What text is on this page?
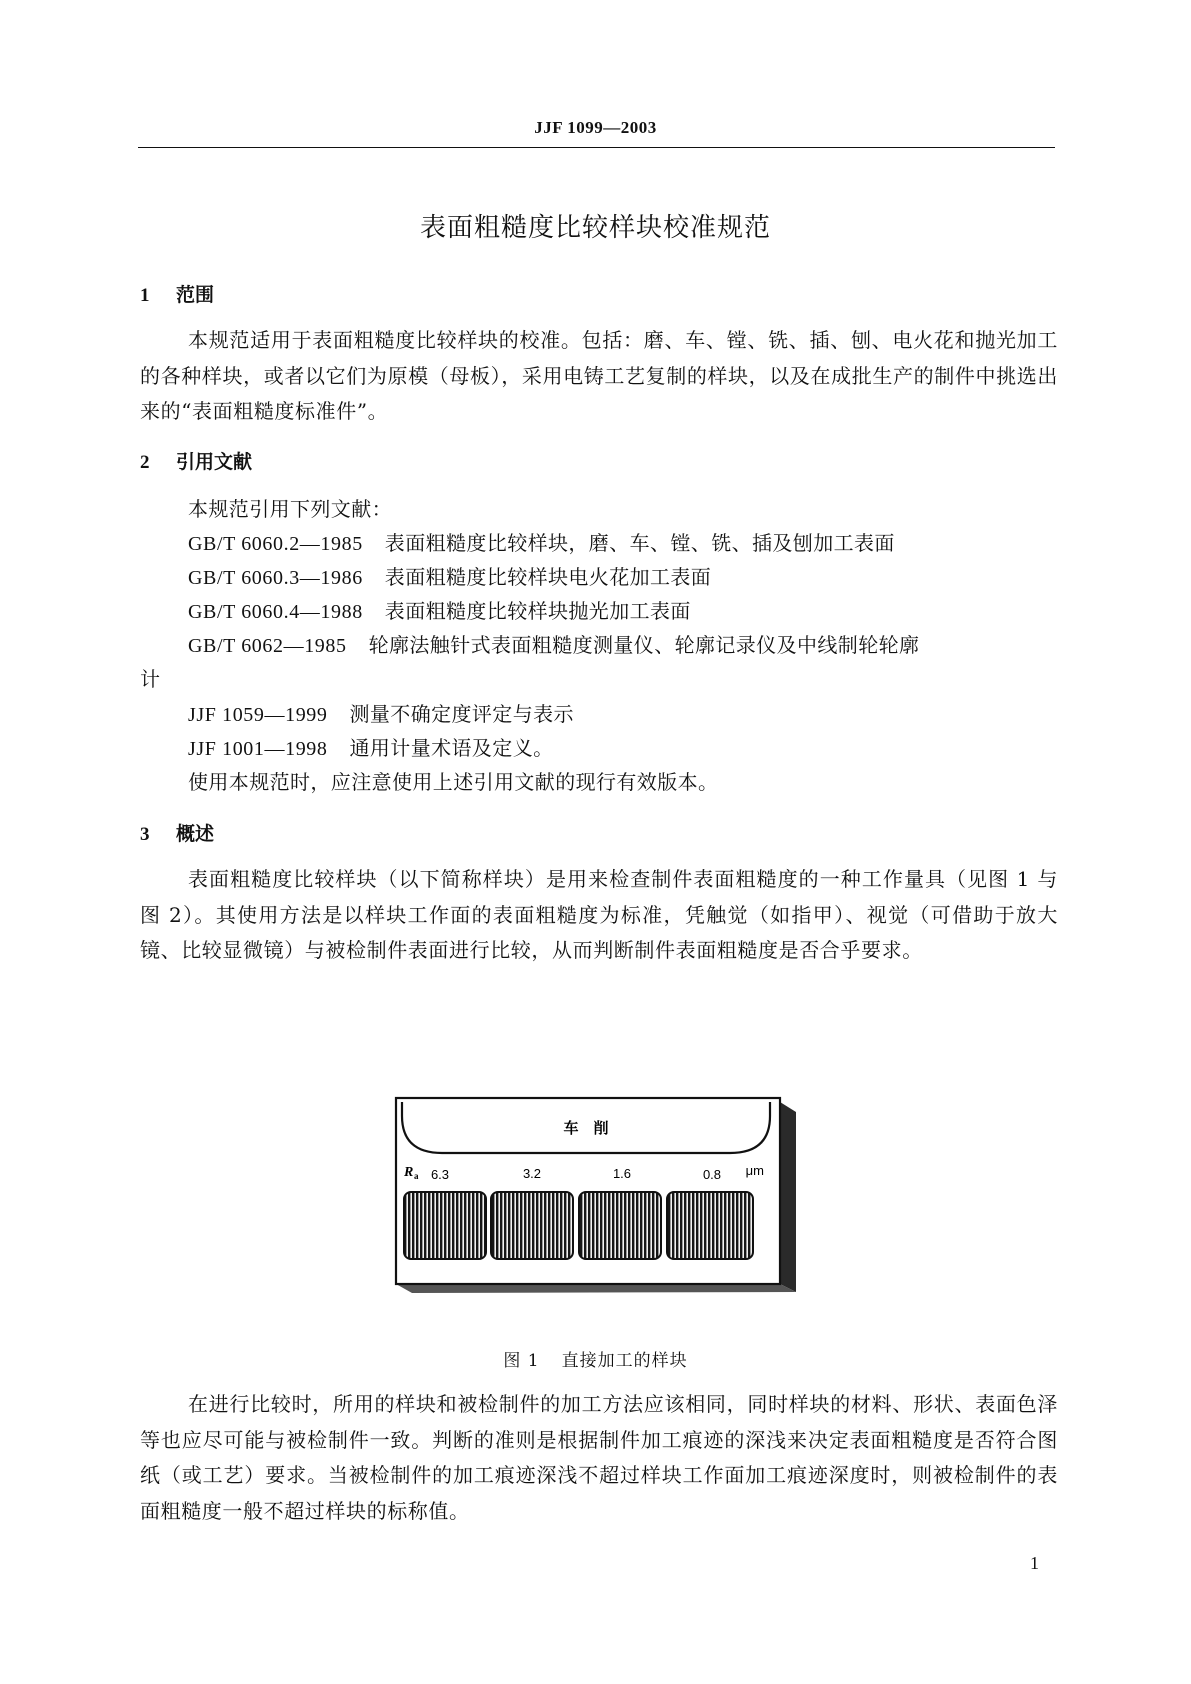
JJF 1099—2003
表面粗糙度比较样块校准规范
1 范围

本规范适用于表面粗糙度比较样块的校准。包括：磨、车、镗、铣、插、刨、电火花和抛光加工的各种样块，或者以它们为原模（母板），采用电铸工艺复制的样块，以及在成批生产的制件中挑选出来的“表面粗糙度标准件”。

2 引用文献
本规范引用下列文献：
GB/T 6060.2—1985 表面粗糙度比较样块，磨、车、镗、铣、插及刨加工表面
GB/T 6060.3—1986 表面粗糙度比较样块电火花加工表面
GB/T 6060.4—1988 表面粗糙度比较样块抛光加工表面
GB/T 6062—1985 轮廓法触针式表面粗糙度测量仪、轮廓记录仪及中线制轮轮廓
计
JJF 1059—1999 测量不确定度评定与表示
JJF 1001—1998 通用计量术语及定义。
使用本规范时，应注意使用上述引用文献的现行有效版本。
3 概述

表面粗糙度比较样块（以下简称样块）是用来检查制件表面粗糙度的一种工作量具（见图 1 与图 2）。其使用方法是以样块工作面的表面粗糙度为标准，凭触觉（如指甲）、视觉（可借助于放大镜、比较显微镜）与被检制件表面进行比较，从而判断制件表面粗糙度是否合乎要求。

车　削
R a	μm
6.3	3.2	1.6	0.8
图 1 直接加工的样块

在进行比较时，所用的样块和被检制件的加工方法应该相同，同时样块的材料、形状、表面色泽等也应尽可能与被检制件一致。判断的准则是根据制件加工痕迹的深浅来决定表面粗糙度是否符合图纸（或工艺）要求。当被检制件的加工痕迹深浅不超过样块工作面加工痕迹深度时，则被检制件的表面粗糙度一般不超过样块的标称值。

1
